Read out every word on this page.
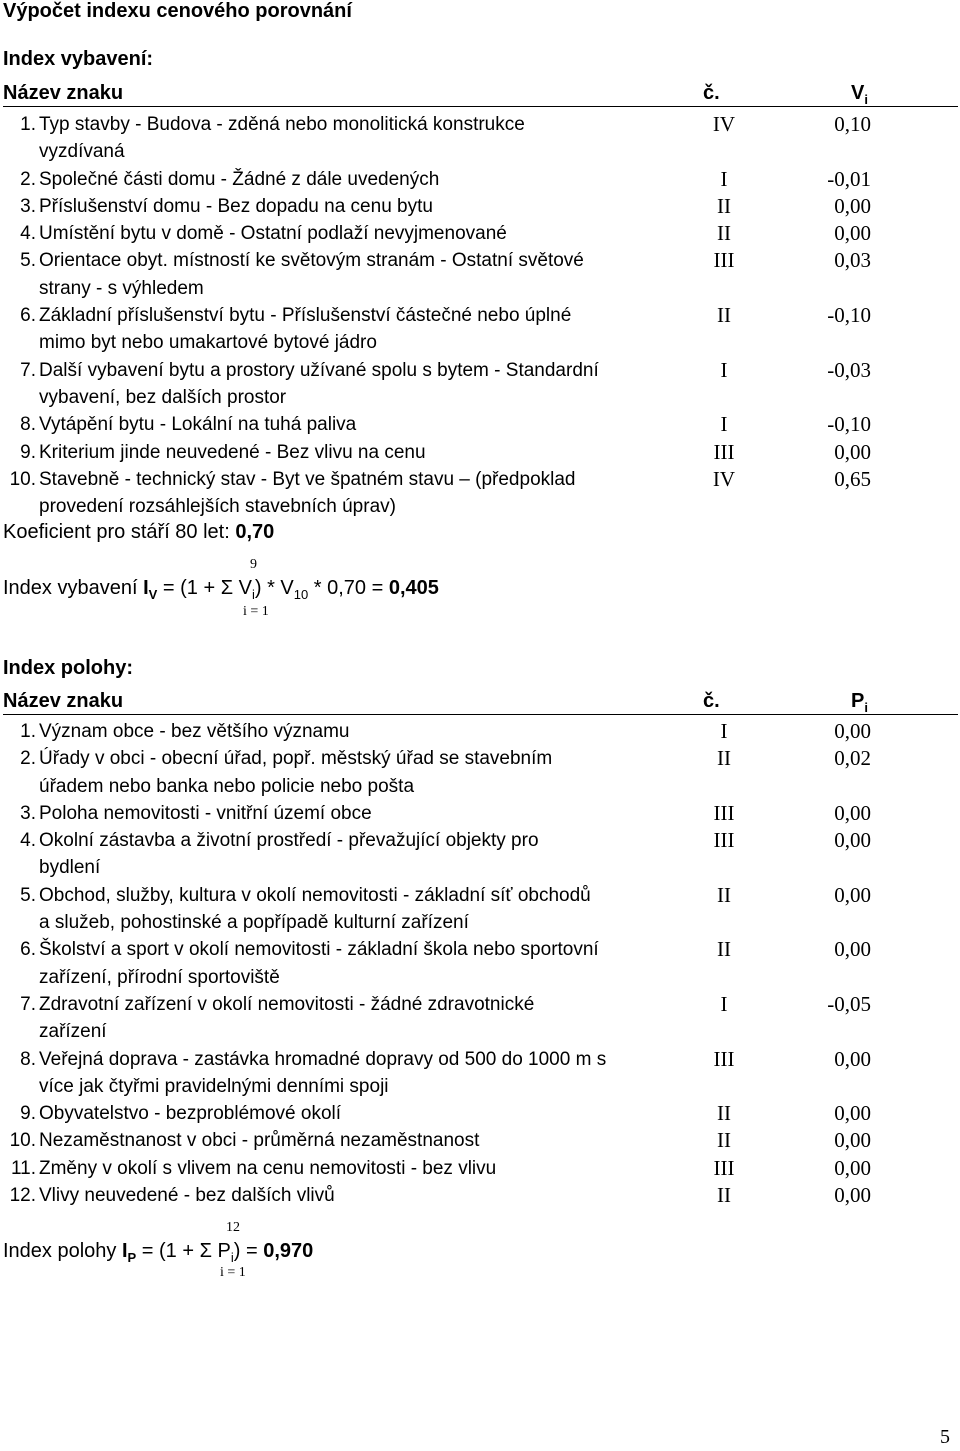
Výpočet indexu cenového porovnání
Index vybavení:
Název znaku	č.	$V_i$
1. Typ stavby - Budova - zděná nebo monolitická konstrukce	IV	0,10
vyzdívaná
2. Společné části domu - Žádné z dále uvedených	I	-0,01
3. Příslušenství domu - Bez dopadu na cenu bytu	II	0,00
4. Umístění bytu v domě - Ostatní podlaží nevyjmenované	II	0,00
5. Orientace obyt. místností ke světovým stranám - Ostatní světové	III	0,03
strany - s výhledem
6. Základní příslušenství bytu - Příslušenství částečné nebo úplné	II	-0,10
mimo byt nebo umakartové bytové jádro
7. Další vybavení bytu a prostory užívané spolu s bytem - Standardní	I	-0,03
vybavení, bez dalších prostor
8. Vytápění bytu - Lokální na tuhá paliva	I	-0,10
9. Kriterium jinde neuvedené - Bez vlivu na cenu	III	0,00
10. Stavebně - technický stav - Byt ve špatném stavu – (předpoklad	IV	0,65
provedení rozsáhlejších stavebních úprav)
Koeficient pro stáří 80 let: 0,70
9
Index vybavení $I_V = (1 + \Sigma$ $V_i) * V_{10} * 0,70 = 0,405$
i = 1
Index polohy:
Název znaku	č.	$P_i$
1. Význam obce - bez většího významu	I	0,00
2. Úřady v obci - obecní úřad, popř. městský úřad se stavebním	II	0,02
úřadem nebo banka nebo policie nebo pošta
3. Poloha nemovitosti - vnitřní území obce	III	0,00
4. Okolní zástavba a životní prostředí - převažující objekty pro	III	0,00
bydlení
5. Obchod, služby, kultura v okolí nemovitosti - základní síť obchodů	II	0,00
a služeb, pohostinské a popřípadě kulturní zařízení
6. Školství a sport v okolí nemovitosti - základní škola nebo sportovní	II	0,00
zařízení, přírodní sportoviště
7. Zdravotní zařízení v okolí nemovitosti - žádné zdravotnické	I	-0,05
zařízení
8. Veřejná doprava - zastávka hromadné dopravy od 500 do 1000 m s	III	0,00
více jak čtyřmi pravidelnými denními spoji
9. Obyvatelstvo - bezproblémové okolí	II	0,00
10. Nezaměstnanost v obci - průměrná nezaměstnanost	II	0,00
11. Změny v okolí s vlivem na cenu nemovitosti - bez vlivu	III	0,00
12. Vlivy neuvedené - bez dalších vlivů	II	0,00
12
Index polohy $I_P = (1 + \Sigma$ $P_i) = 0,970$
i = 1
5
